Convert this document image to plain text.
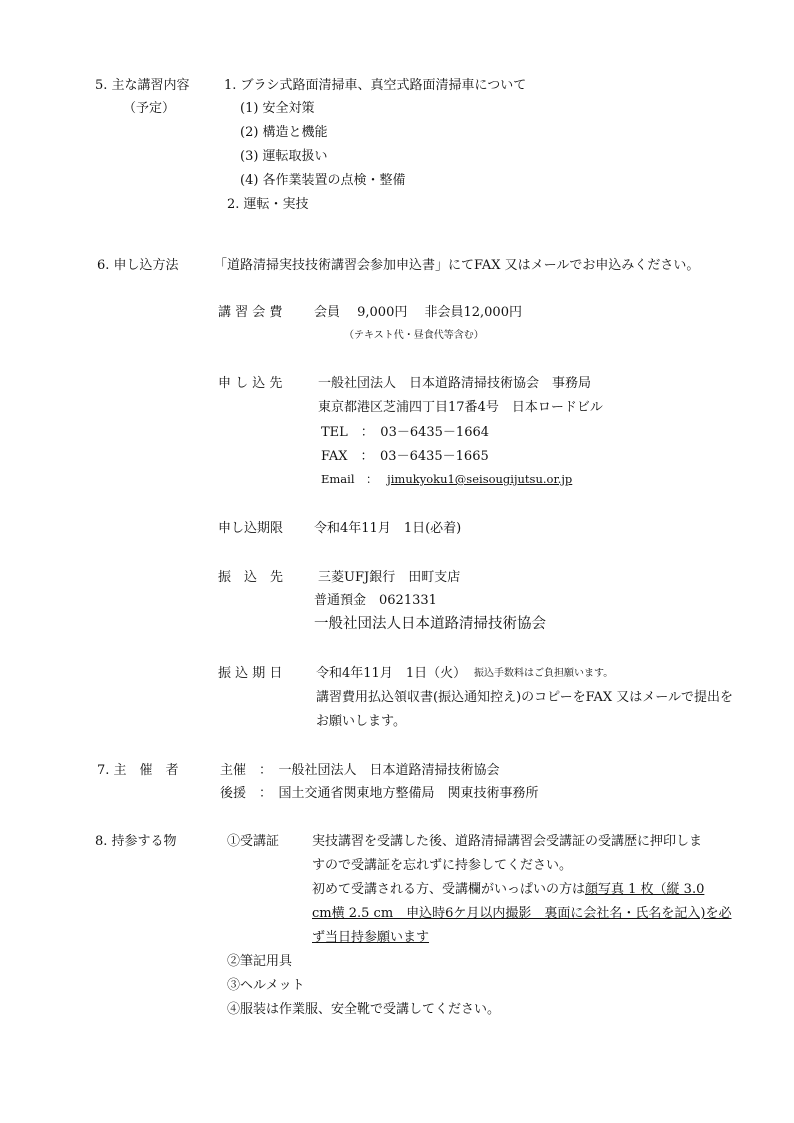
5. 主な講習内容
（予定）
1. ブラシ式路面清掃車、真空式路面清掃車について
(1) 安全対策
(2) 構造と機能
(3) 運転取扱い
(4) 各作業装置の点検・整備
2. 運転・実技
6. 申し込方法	「道路清掃実技技術講習会参加申込書」にてFAX 又はメールでお申込みください。
講 習 会 費 会員　 9,000円　 非会員12,000円
（テキスト代・昼食代等含む）
申 し 込 先	一般社団法人　日本道路清掃技術協会　事務局
東京都港区芝浦四丁目17番4号　日本ロードビル
TEL　：　03－6435－1664
FAX　：　03－6435－1665
Email　： jimukyoku1@seisougijutsu.or.jp
申し込期限 令和4年11月　1日(必着)
振　込　先	三菱UFJ銀行　田町支店
普通預金　0621331
一般社団法人日本道路清掃技術協会
振 込 期 日	令和4年11月　1日（火） 振込手数料はご負担願います。
講習費用払込領収書(振込通知控え)のコピーをFAX 又はメールで提出を
お願いします。
7. 主　催　者	主催　：　一般社団法人　日本道路清掃技術協会
後援　：　国土交通省関東地方整備局　関東技術事務所
8. 持参する物	①受講証	実技講習を受講した後、道路清掃講習会受講証の受講歴に押印しま
すので受講証を忘れずに持参してください。
初めて受講される方、受講欄がいっぱいの方は顔写真 1 枚（縦 3.0
cm横 2.5 cm　申込時6ケ月以内撮影　裏面に会社名・氏名を記入)を必
ず当日持参願います
②筆記用具
③ヘルメット
④服装は作業服、安全靴で受講してください。
